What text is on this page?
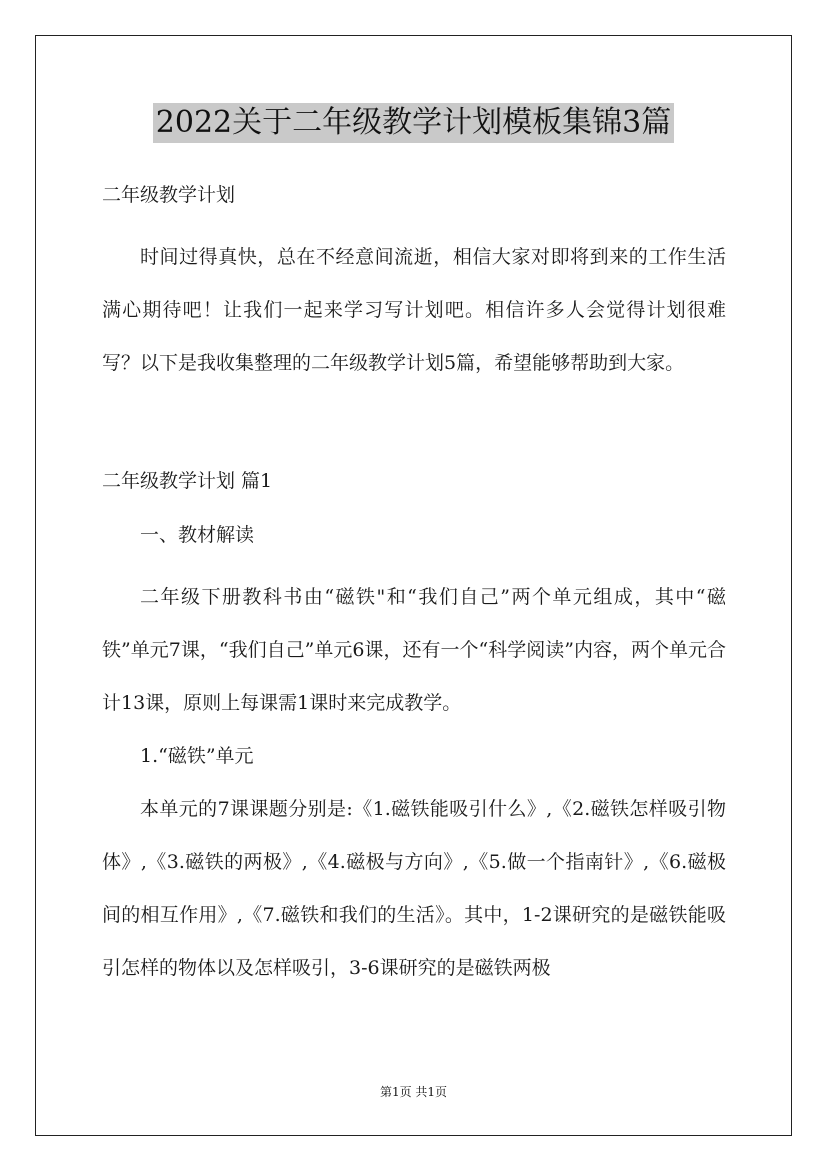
2022关于二年级教学计划模板集锦3篇

二年级教学计划

时间过得真快，总在不经意间流逝，相信大家对即将到来的工作生活满心期待吧！让我们一起来学习写计划吧。相信许多人会觉得计划很难写？以下是我收集整理的二年级教学计划5篇，希望能够帮助到大家。

二年级教学计划 篇1

一、教材解读

二年级下册教科书由“磁铁"和“我们自己”两个单元组成，其中“磁铁”单元7课，“我们自己”单元6课，还有一个“科学阅读”内容，两个单元合计13课，原则上每课需1课时来完成教学。

1.“磁铁”单元

本单元的7课课题分别是:《1.磁铁能吸引什么》,《2.磁铁怎样吸引物体》,《3.磁铁的两极》,《4.磁极与方向》,《5.做一个指南针》,《6.磁极间的相互作用》,《7.磁铁和我们的生活》。其中，1-2课研究的是磁铁能吸引怎样的物体以及怎样吸引，3-6课研究的是磁铁两极

第1页 共1页
